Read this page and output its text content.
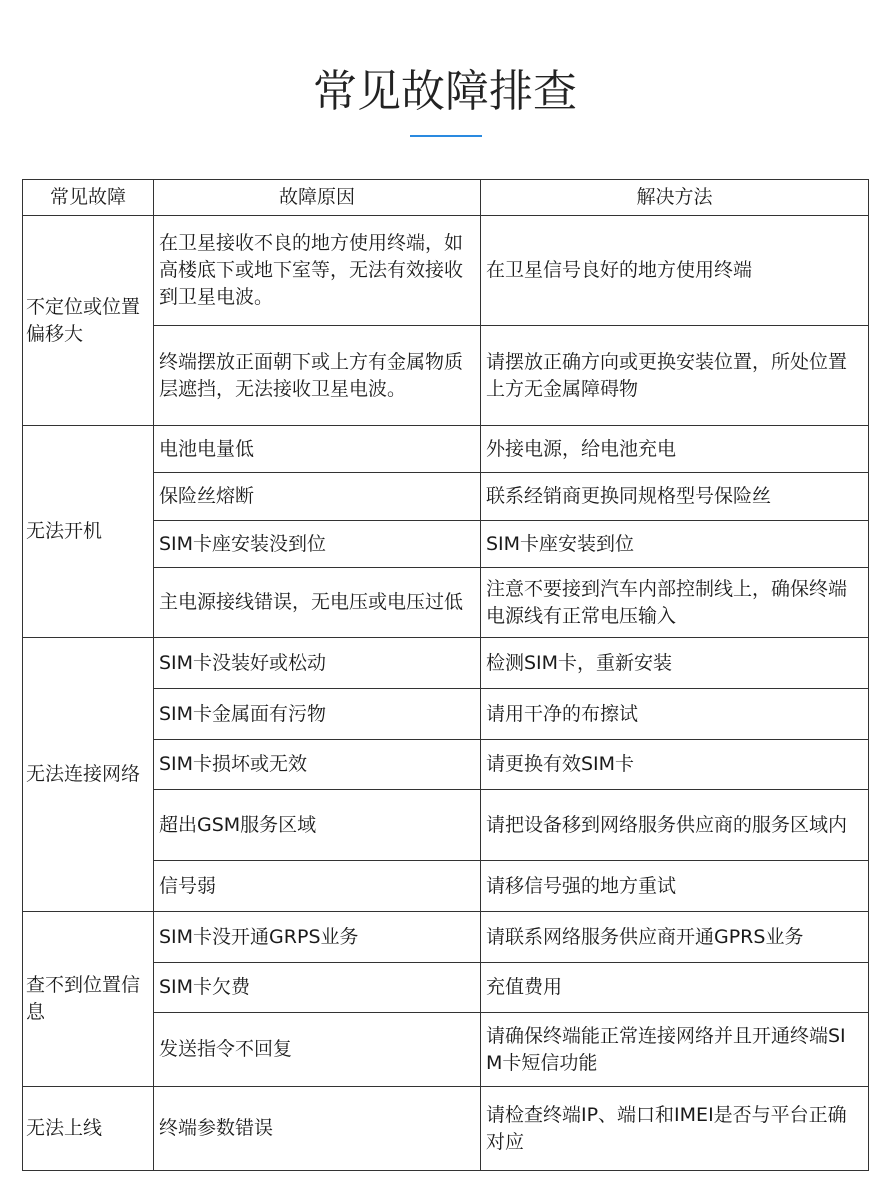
常见故障排查
常见故障	故障原因	解决方法
不定位或位置偏移大	在卫星接收不良的地方使用终端，如高楼底下或地下室等，无法有效接收到卫星电波。	在卫星信号良好的地方使用终端
	终端摆放正面朝下或上方有金属物质层遮挡，无法接收卫星电波。	请摆放正确方向或更换安装位置，所处位置上方无金属障碍物
无法开机	电池电量低	外接电源，给电池充电
	保险丝熔断	联系经销商更换同规格型号保险丝
	SIM卡座安装没到位	SIM卡座安装到位
	主电源接线错误，无电压或电压过低	注意不要接到汽车内部控制线上，确保终端电源线有正常电压输入
无法连接网络	SIM卡没装好或松动	检测SIM卡，重新安装
	SIM卡金属面有污物	请用干净的布擦试
	SIM卡损坏或无效	请更换有效SIM卡
	超出GSM服务区域	请把设备移到网络服务供应商的服务区域内
	信号弱	请移信号强的地方重试
查不到位置信息	SIM卡没开通GRPS业务	请联系网络服务供应商开通GPRS业务
	SIM卡欠费	充值费用
	发送指令不回复	请确保终端能正常连接网络并且开通终端SIM卡短信功能
无法上线	终端参数错误	请检查终端IP、端口和IMEI是否与平台正确对应
